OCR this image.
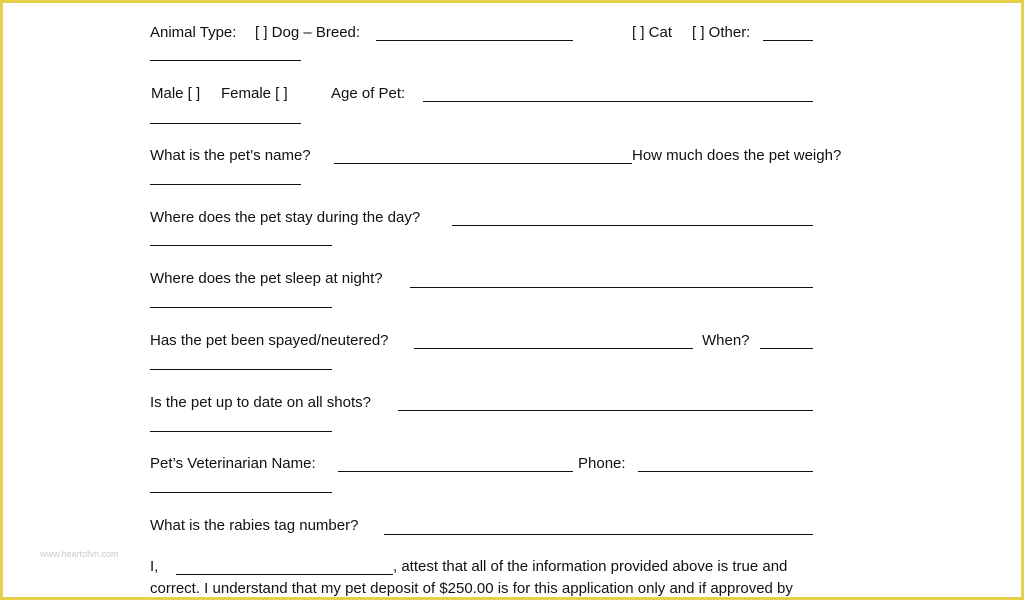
Animal Type: [ ] Dog – Breed:	[ ] Cat [ ] Other:
Male [ ] Female [ ]	Age of Pet:
What is the pet’s name?	How much does the pet weigh?
Where does the pet stay during the day?
Where does the pet sleep at night?
Has the pet been spayed/neutered?	When?
Is the pet up to date on all shots?
Pet’s Veterinarian Name:	Phone:
What is the rabies tag number?
I,	, attest that all of the information provided above is true and
correct. I understand that my pet deposit of $250.00 is for this application only and if approved by
www.heartofvn.com
